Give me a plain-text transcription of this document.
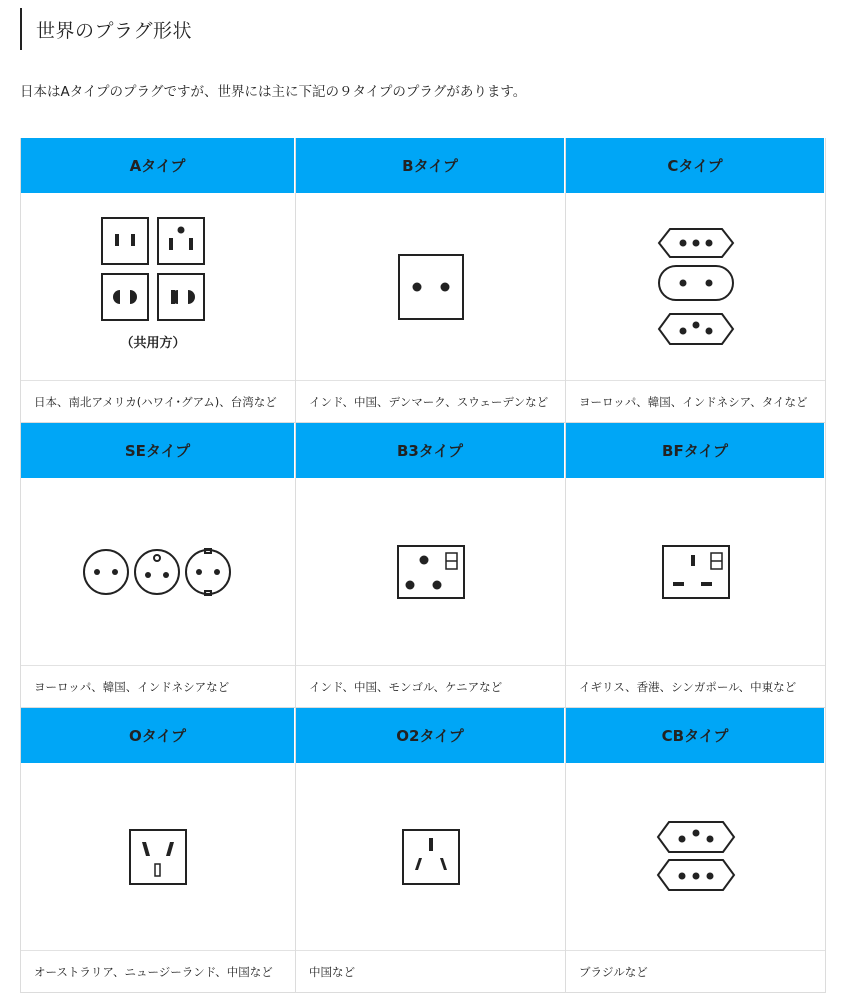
世界のプラグ形状

日本はAタイプのプラグですが、世界には主に下記の９タイプのプラグがあります。

Aタイプ
（共用方）
日本、南北アメリカ(ハワイ･グアム)、台湾など
Bタイプ
インド、中国、デンマーク、スウェーデンなど
Cタイプ
ヨーロッパ、韓国、インドネシア、タイなど
SEタイプ
ヨーロッパ、韓国、インドネシアなど
B3タイプ
インド、中国、モンゴル、ケニアなど
BFタイプ
イギリス、香港、シンガポール、中東など
Oタイプ
オーストラリア、ニュージーランド、中国など
O2タイプ
中国など
CBタイプ
ブラジルなど
